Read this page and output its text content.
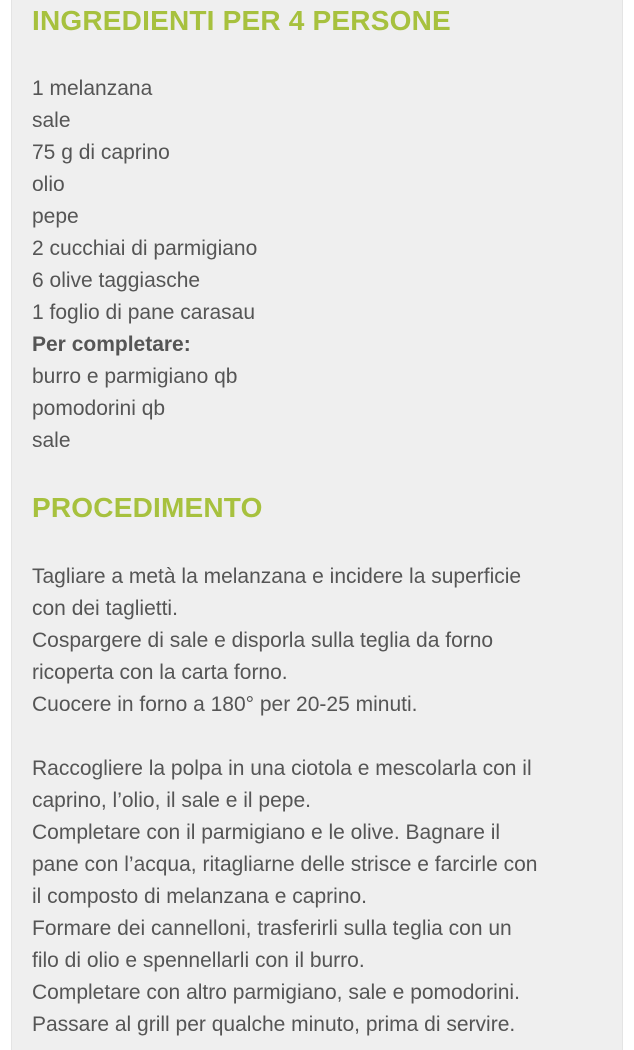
INGREDIENTI PER 4 PERSONE
1 melanzana
sale
75 g di caprino
olio
pepe
2 cucchiai di parmigiano
6 olive taggiasche
1 foglio di pane carasau
Per completare:
burro e parmigiano qb
pomodorini qb
sale
PROCEDIMENTO

Tagliare a metà la melanzana e incidere la superficie

con dei taglietti.

Cospargere di sale e disporla sulla teglia da forno

ricoperta con la carta forno.

Cuocere in forno a 180° per 20-25 minuti.

Raccogliere la polpa in una ciotola e mescolarla con il

caprino, l’olio, il sale e il pepe.

Completare con il parmigiano e le olive. Bagnare il

pane con l’acqua, ritagliarne delle strisce e farcirle con

il composto di melanzana e caprino.

Formare dei cannelloni, trasferirli sulla teglia con un

filo di olio e spennellarli con il burro.

Completare con altro parmigiano, sale e pomodorini.

Passare al grill per qualche minuto, prima di servire.
